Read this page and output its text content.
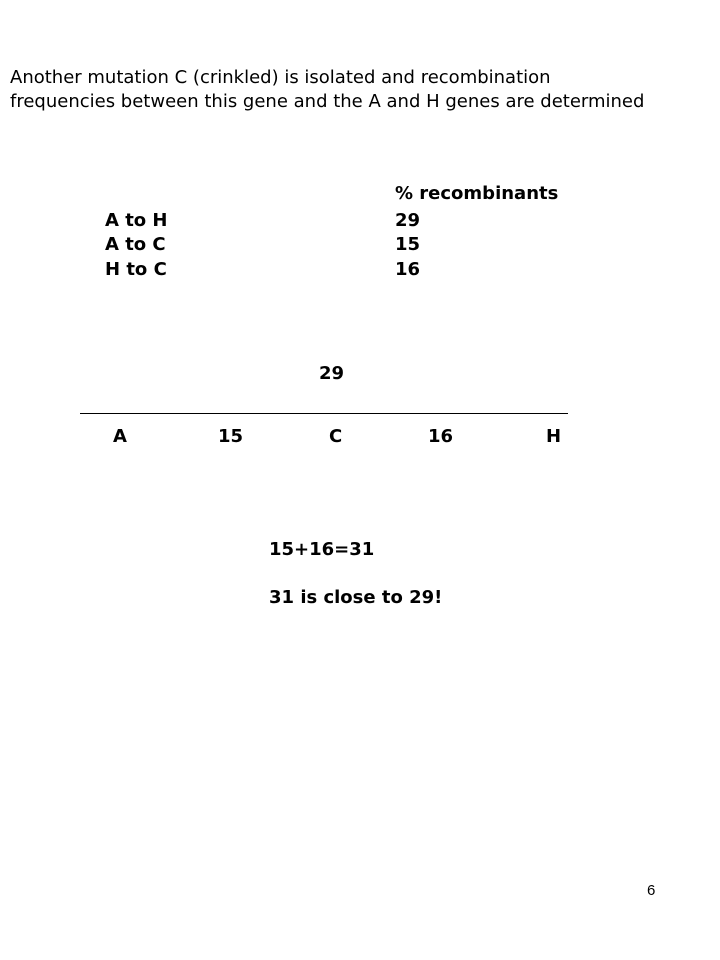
Another mutation C (crinkled) is isolated and recombination
frequencies between this gene and the A and H genes are determined
% recombinants
A to H	29
A to C	15
H to C	16
29
A	15	C	16	H
15+16=31
31 is close to 29!
6
